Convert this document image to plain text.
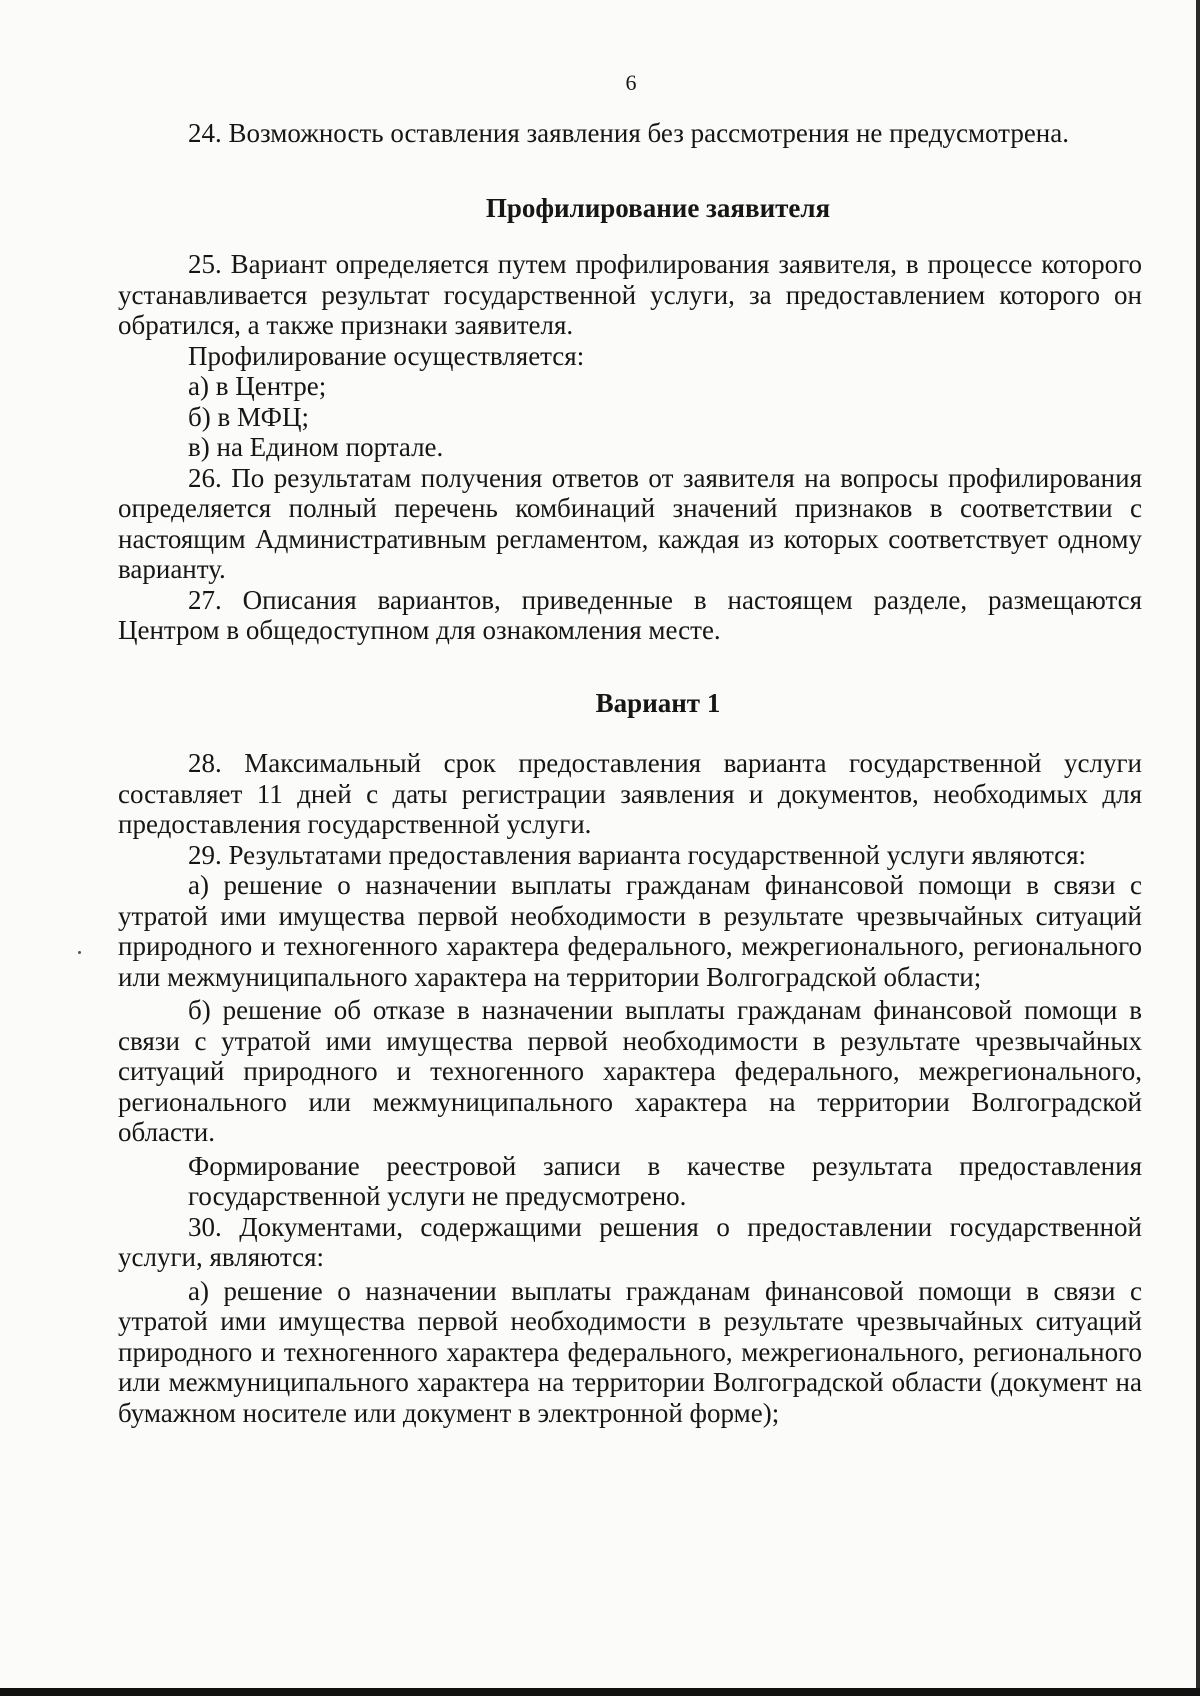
6

24. Возможность оставления заявления без рассмотрения не предусмотрена.

Профилирование заявителя

25. Вариант определяется путем профилирования заявителя, в процессе которого устанавливается результат государственной услуги, за предоставлением которого он обратился, а также признаки заявителя.

Профилирование осуществляется:

а) в Центре;

б) в МФЦ;

в) на Едином портале.

26. По результатам получения ответов от заявителя на вопросы профилирования определяется полный перечень комбинаций значений признаков в соответствии с настоящим Административным регламентом, каждая из которых соответствует одному варианту.

27. Описания вариантов, приведенные в настоящем разделе, размещаются Центром в общедоступном для ознакомления месте.

Вариант 1

28. Максимальный срок предоставления варианта государственной услуги составляет 11 дней с даты регистрации заявления и документов, необходимых для предоставления государственной услуги.

29. Результатами предоставления варианта государственной услуги являются:

а) решение о назначении выплаты гражданам финансовой помощи в связи с утратой ими имущества первой необходимости в результате чрезвычайных ситуаций природного и техногенного характера федерального, межрегионального, регионального или межмуниципального характера на территории Волгоградской области;

б) решение об отказе в назначении выплаты гражданам финансовой помощи в связи с утратой ими имущества первой необходимости в результате чрезвычайных ситуаций природного и техногенного характера федерального, межрегионального, регионального или межмуниципального характера на территории Волгоградской области.

Формирование реестровой записи в качестве результата предоставления государственной услуги не предусмотрено.

30. Документами, содержащими решения о предоставлении государственной услуги, являются:

а) решение о назначении выплаты гражданам финансовой помощи в связи с утратой ими имущества первой необходимости в результате чрезвычайных ситуаций природного и техногенного характера федерального, межрегионального, регионального или межмуниципального характера на территории Волгоградской области (документ на бумажном носителе или документ в электронной форме);
